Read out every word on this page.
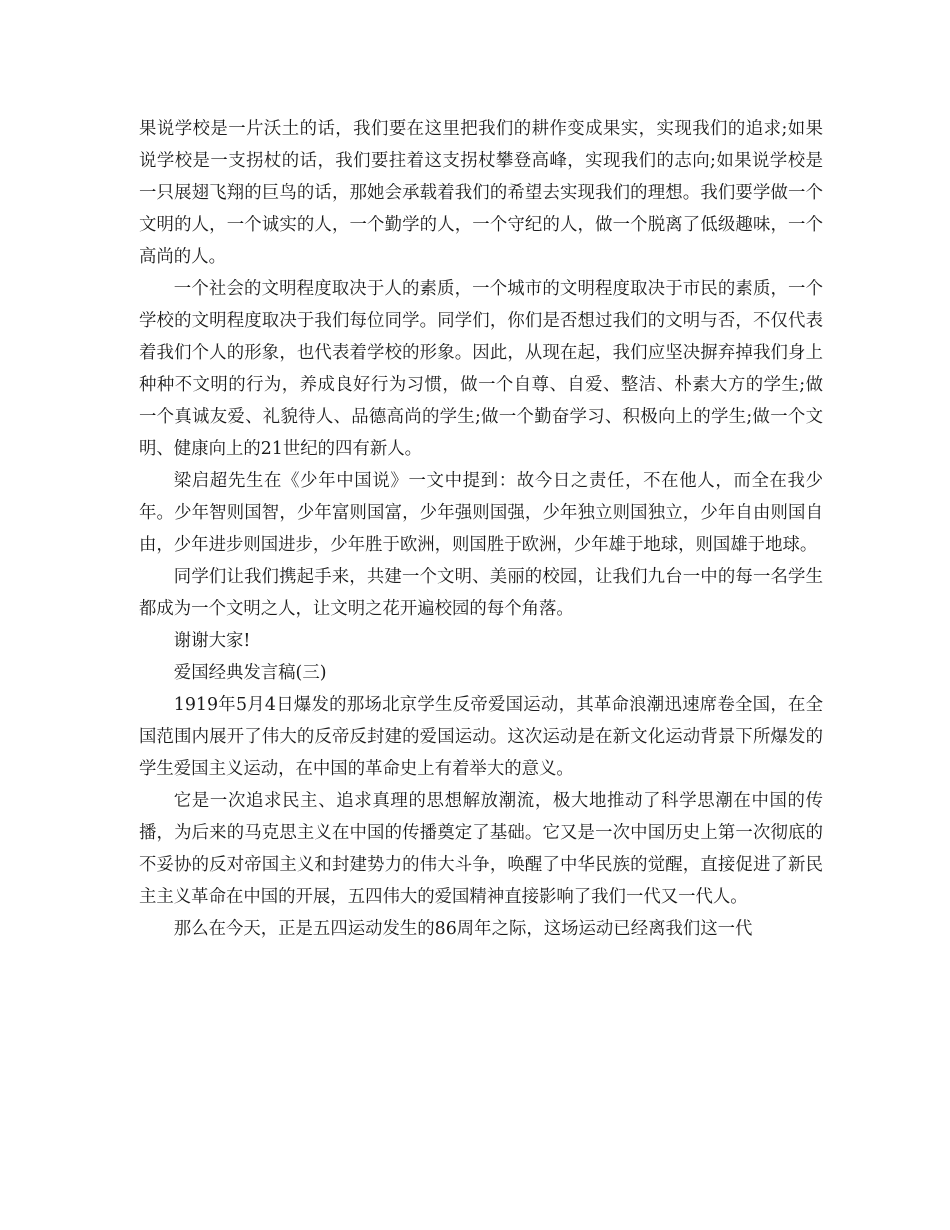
果说学校是一片沃土的话，我们要在这里把我们的耕作变成果实，实现我们的追求;如果说学校是一支拐杖的话，我们要拄着这支拐杖攀登高峰，实现我们的志向;如果说学校是一只展翅飞翔的巨鸟的话，那她会承载着我们的希望去实现我们的理想。我们要学做一个文明的人，一个诚实的人，一个勤学的人，一个守纪的人，做一个脱离了低级趣味，一个高尚的人。

一个社会的文明程度取决于人的素质，一个城市的文明程度取决于市民的素质，一个学校的文明程度取决于我们每位同学。同学们，你们是否想过我们的文明与否，不仅代表着我们个人的形象，也代表着学校的形象。因此，从现在起，我们应坚决摒弃掉我们身上种种不文明的行为，养成良好行为习惯，做一个自尊、自爱、整洁、朴素大方的学生;做一个真诚友爱、礼貌待人、品德高尚的学生;做一个勤奋学习、积极向上的学生;做一个文明、健康向上的21世纪的四有新人。

梁启超先生在《少年中国说》一文中提到：故今日之责任，不在他人，而全在我少年。少年智则国智，少年富则国富，少年强则国强，少年独立则国独立，少年自由则国自由，少年进步则国进步，少年胜于欧洲，则国胜于欧洲，少年雄于地球，则国雄于地球。

同学们让我们携起手来，共建一个文明、美丽的校园，让我们九台一中的每一名学生都成为一个文明之人，让文明之花开遍校园的每个角落。

谢谢大家!

爱国经典发言稿(三)

1919年5月4日爆发的那场北京学生反帝爱国运动，其革命浪潮迅速席卷全国，在全国范围内展开了伟大的反帝反封建的爱国运动。这次运动是在新文化运动背景下所爆发的学生爱国主义运动，在中国的革命史上有着举大的意义。

它是一次追求民主、追求真理的思想解放潮流，极大地推动了科学思潮在中国的传播，为后来的马克思主义在中国的传播奠定了基础。它又是一次中国历史上第一次彻底的不妥协的反对帝国主义和封建势力的伟大斗争，唤醒了中华民族的觉醒，直接促进了新民主主义革命在中国的开展，五四伟大的爱国精神直接影响了我们一代又一代人。

那么在今天，正是五四运动发生的86周年之际，这场运动已经离我们这一代
